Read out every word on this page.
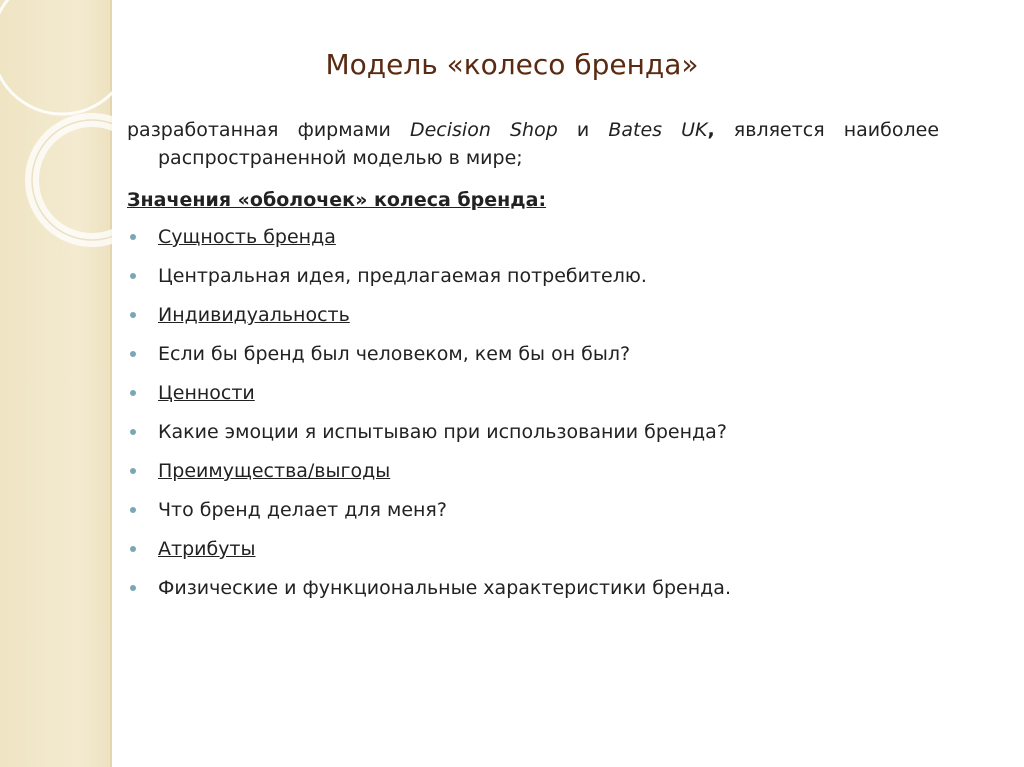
Модель «колесо бренда»
разработанная фирмами Decision Shop и Bates UK, является наиболее распространенной моделью в мире;
Значения «оболочек» колеса бренда:
Сущность бренда
Центральная идея, предлагаемая потребителю.
Индивидуальность
Если бы бренд был человеком, кем бы он был?
Ценности
Какие эмоции я испытываю при использовании бренда?
Преимущества/выгоды
Что бренд делает для меня?
Атрибуты
Физические и функциональные характеристики бренда.
